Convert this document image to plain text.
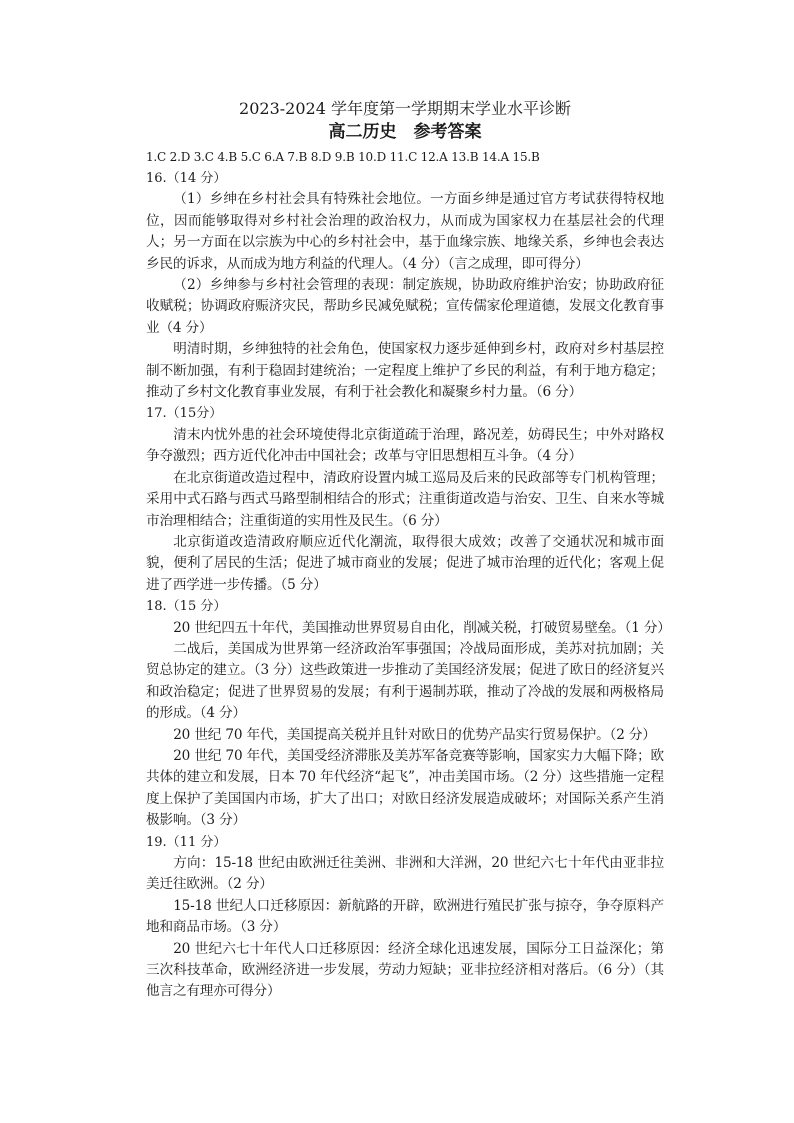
2023-2024 学年度第一学期期末学业水平诊断
高二历史　参考答案

1.C 2.D 3.C 4.B 5.C 6.A 7.B 8.D 9.B 10.D 11.C 12.A 13.B 14.A 15.B

16.（14 分）

（1）乡绅在乡村社会具有特殊社会地位。一方面乡绅是通过官方考试获得特权地位，因而能够取得对乡村社会治理的政治权力，从而成为国家权力在基层社会的代理人；另一方面在以宗族为中心的乡村社会中，基于血缘宗族、地缘关系，乡绅也会表达乡民的诉求，从而成为地方利益的代理人。（4 分）（言之成理，即可得分）

（2）乡绅参与乡村社会管理的表现：制定族规，协助政府维护治安；协助政府征收赋税；协调政府赈济灾民，帮助乡民减免赋税；宣传儒家伦理道德，发展文化教育事业（4 分）

明清时期，乡绅独特的社会角色，使国家权力逐步延伸到乡村，政府对乡村基层控制不断加强，有利于稳固封建统治；一定程度上维护了乡民的利益，有利于地方稳定；推动了乡村文化教育事业发展，有利于社会教化和凝聚乡村力量。（6 分）

17.（15分）

清末内忧外患的社会环境使得北京街道疏于治理，路况差，妨碍民生；中外对路权争夺激烈；西方近代化冲击中国社会；改革与守旧思想相互斗争。（4 分）

在北京街道改造过程中，清政府设置内城工巡局及后来的民政部等专门机构管理；采用中式石路与西式马路型制相结合的形式；注重街道改造与治安、卫生、自来水等城市治理相结合；注重街道的实用性及民生。（6 分）

北京街道改造清政府顺应近代化潮流，取得很大成效；改善了交通状况和城市面貌，便利了居民的生活；促进了城市商业的发展；促进了城市治理的近代化；客观上促进了西学进一步传播。（5 分）

18.（15 分）

20 世纪四五十年代，美国推动世界贸易自由化，削减关税，打破贸易壁垒。（1 分）

二战后，美国成为世界第一经济政治军事强国；冷战局面形成，美苏对抗加剧；关贸总协定的建立。（3 分）这些政策进一步推动了美国经济发展；促进了欧日的经济复兴和政治稳定；促进了世界贸易的发展；有利于遏制苏联，推动了冷战的发展和两极格局的形成。（4 分）

20 世纪 70 年代，美国提高关税并且针对欧日的优势产品实行贸易保护。（2 分）

20 世纪 70 年代，美国受经济滞胀及美苏军备竞赛等影响，国家实力大幅下降；欧共体的建立和发展，日本 70 年代经济“起飞”，冲击美国市场。（2 分）这些措施一定程度上保护了美国国内市场，扩大了出口；对欧日经济发展造成破坏；对国际关系产生消极影响。（3 分）

19.（11 分）

方向：15-18 世纪由欧洲迁往美洲、非洲和大洋洲，20 世纪六七十年代由亚非拉美迁往欧洲。（2 分）

15-18 世纪人口迁移原因：新航路的开辟，欧洲进行殖民扩张与掠夺，争夺原料产地和商品市场。（3 分）

20 世纪六七十年代人口迁移原因：经济全球化迅速发展，国际分工日益深化；第三次科技革命，欧洲经济进一步发展，劳动力短缺；亚非拉经济相对落后。（6 分）（其他言之有理亦可得分）
